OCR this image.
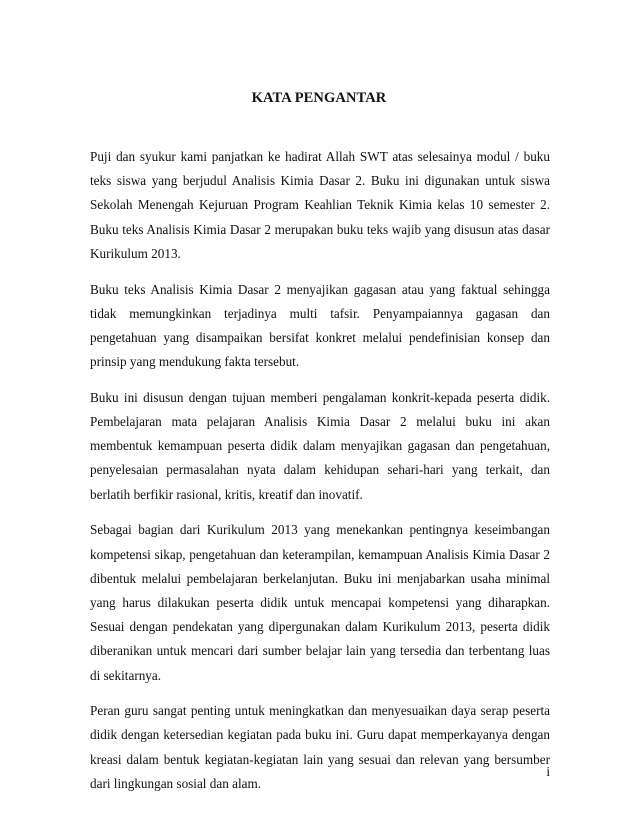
KATA PENGANTAR

Puji dan syukur kami panjatkan ke hadirat Allah SWT atas selesainya modul / buku teks siswa yang berjudul Analisis Kimia Dasar 2. Buku ini digunakan untuk siswa Sekolah Menengah Kejuruan Program Keahlian Teknik Kimia kelas 10 semester 2. Buku teks Analisis Kimia Dasar 2 merupakan buku teks wajib yang disusun atas dasar Kurikulum 2013.

Buku teks Analisis Kimia Dasar 2 menyajikan gagasan atau yang faktual sehingga tidak memungkinkan terjadinya multi tafsir. Penyampaiannya gagasan dan pengetahuan yang disampaikan bersifat konkret melalui pendefinisian konsep dan prinsip yang mendukung fakta tersebut.

Buku ini disusun dengan tujuan memberi pengalaman konkrit-kepada peserta didik. Pembelajaran mata pelajaran Analisis Kimia Dasar 2 melalui buku ini akan membentuk kemampuan peserta didik dalam menyajikan gagasan dan pengetahuan, penyelesaian permasalahan nyata dalam kehidupan sehari-hari yang terkait, dan berlatih berfikir rasional, kritis, kreatif dan inovatif.

Sebagai bagian dari Kurikulum 2013 yang menekankan pentingnya keseimbangan kompetensi sikap, pengetahuan dan keterampilan, kemampuan Analisis Kimia Dasar 2 dibentuk melalui pembelajaran berkelanjutan. Buku ini menjabarkan usaha minimal yang harus dilakukan peserta didik untuk mencapai kompetensi yang diharapkan. Sesuai dengan pendekatan yang dipergunakan dalam Kurikulum 2013, peserta didik diberanikan untuk mencari dari sumber belajar lain yang tersedia dan terbentang luas di sekitarnya.

Peran guru sangat penting untuk meningkatkan dan menyesuaikan daya serap peserta didik dengan ketersedian kegiatan pada buku ini. Guru dapat memperkayanya dengan kreasi dalam bentuk kegiatan-kegiatan lain yang sesuai dan relevan yang bersumber dari lingkungan sosial dan alam.

i
